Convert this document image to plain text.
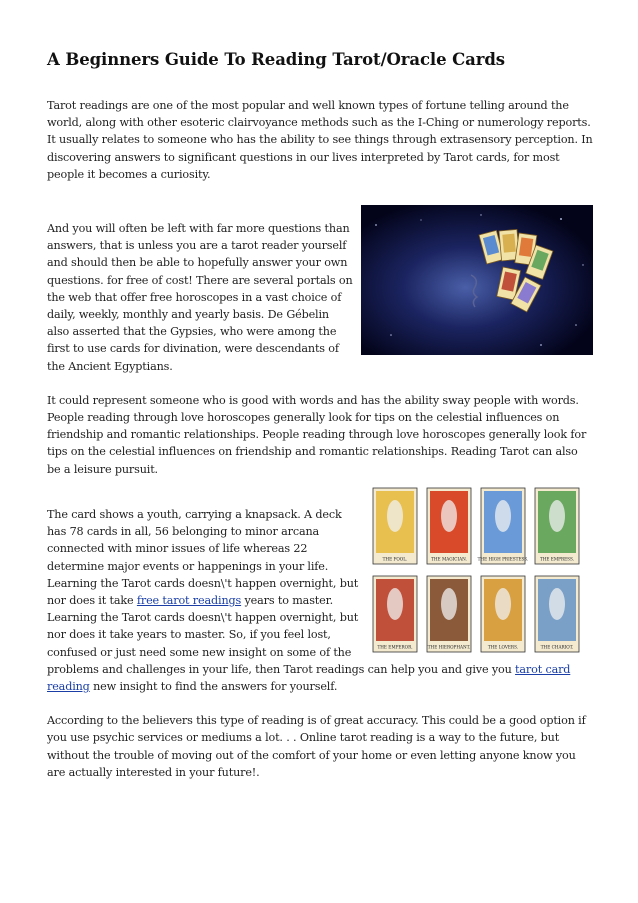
A Beginners Guide To Reading Tarot/Oracle Cards

Tarot readings are one of the most popular and well known types of fortune telling around the world, along with other esoteric clairvoyance methods such as the I-Ching or numerology reports. It usually relates to someone who has the ability to see things through extrasensory perception. In discovering answers to significant questions in our lives interpreted by Tarot cards, for most people it becomes a curiosity.

And you will often be left with far more questions than answers, that is unless you are a tarot reader yourself and should then be able to hopefully answer your own questions. for free of cost! There are several portals on the web that offer free horoscopes in a vast choice of daily, weekly, monthly and yearly basis. De Gébelin also asserted that the Gypsies, who were among the first to use cards for divination, were descendants of the Ancient Egyptians.

It could represent someone who is good with words and has the ability sway people with words. People reading through love horoscopes generally look for tips on the celestial influences on friendship and romantic relationships. People reading through love horoscopes generally look for tips on the celestial influences on friendship and romantic relationships. Reading Tarot can also be a leisure pursuit.

THE FOOL.	THE MAGICIAN.	THE HIGH PRIESTESS.	THE EMPRESS.
THE EMPEROR.	THE HIEROPHANT.	THE LOVERS.	THE CHARIOT.

The card shows a youth, carrying a knapsack. A deck has 78 cards in all, 56 belonging to minor arcana connected with minor issues of life whereas 22 determine major events or happenings in your life. Learning the Tarot cards doesn\'t happen overnight, but nor does it take free tarot readings years to master. Learning the Tarot cards doesn\'t happen overnight, but nor does it take years to master. So, if you feel lost, confused or just need some new insight on some of the problems and challenges in your life, then Tarot readings can help you and give you tarot card reading new insight to find the answers for yourself.

According to the believers this type of reading is of great accuracy. This could be a good option if you use psychic services or mediums a lot. . . Online tarot reading is a way to the future, but without the trouble of moving out of the comfort of your home or even letting anyone know you are actually interested in your future!.
